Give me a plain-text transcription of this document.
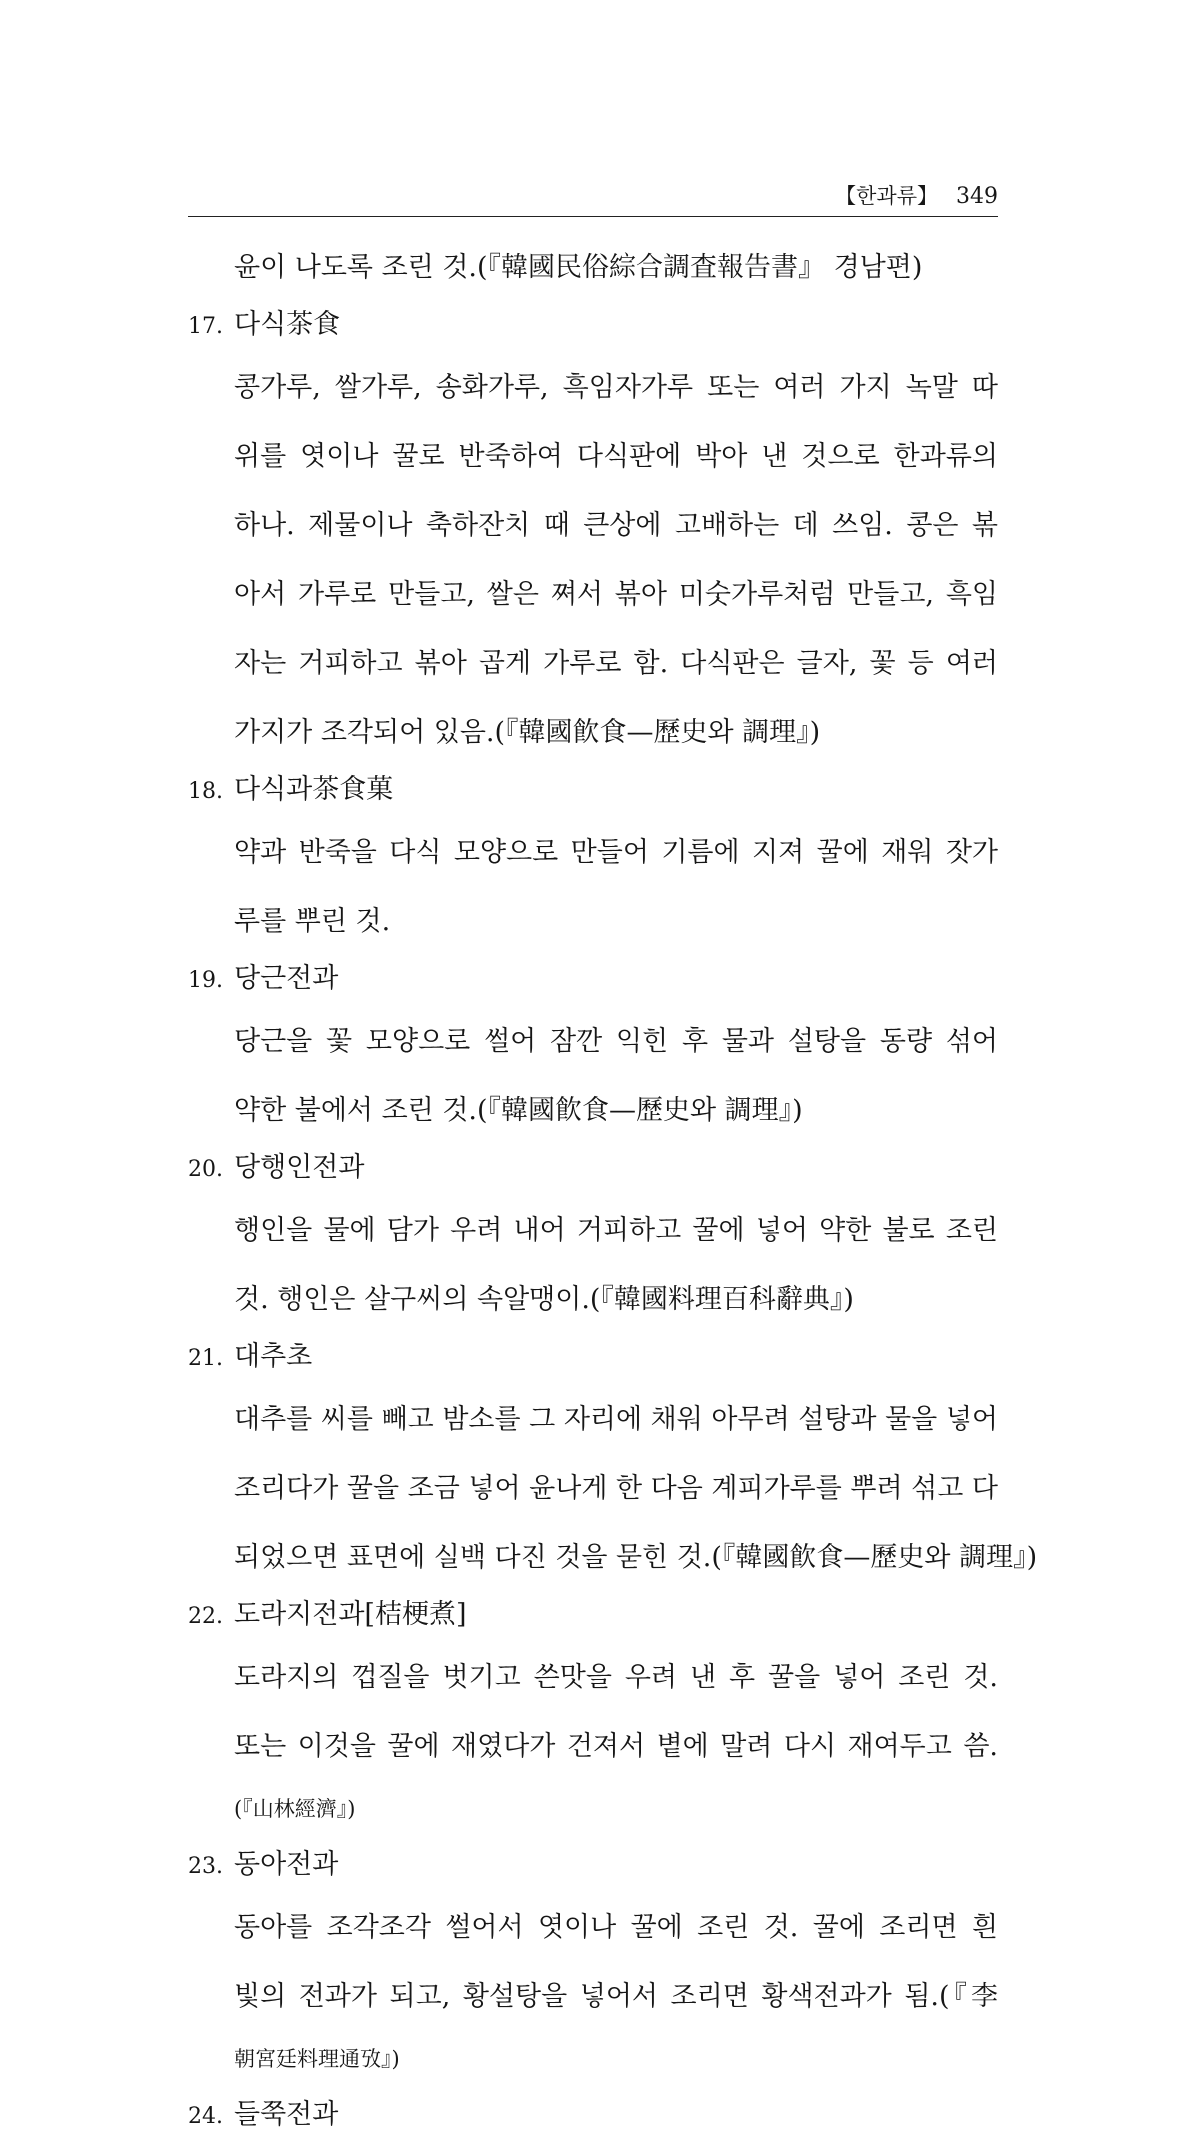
【한과류】 349
윤이 나도록 조린 것.(『韓國民俗綜合調査報告書』 경남편)
17. 다식茶食
콩가루, 쌀가루, 송화가루, 흑임자가루 또는 여러 가지 녹말 따
위를 엿이나 꿀로 반죽하여 다식판에 박아 낸 것으로 한과류의
하나. 제물이나 축하잔치 때 큰상에 고배하는 데 쓰임. 콩은 볶
아서 가루로 만들고, 쌀은 쪄서 볶아 미숫가루처럼 만들고, 흑임
자는 거피하고 볶아 곱게 가루로 함. 다식판은 글자, 꽃 등 여러
가지가 조각되어 있음.(『韓國飮食—歷史와 調理』)
18. 다식과茶食菓
약과 반죽을 다식 모양으로 만들어 기름에 지져 꿀에 재워 잣가
루를 뿌린 것.
19. 당근전과
당근을 꽃 모양으로 썰어 잠깐 익힌 후 물과 설탕을 동량 섞어
약한 불에서 조린 것.(『韓國飮食—歷史와 調理』)
20. 당행인전과
행인을 물에 담가 우려 내어 거피하고 꿀에 넣어 약한 불로 조린
것. 행인은 살구씨의 속알맹이.(『韓國料理百科辭典』)
21. 대추초
대추를 씨를 빼고 밤소를 그 자리에 채워 아무려 설탕과 물을 넣어
조리다가 꿀을 조금 넣어 윤나게 한 다음 계피가루를 뿌려 섞고 다
되었으면 표면에 실백 다진 것을 묻힌 것.(『韓國飮食—歷史와 調理』)
22. 도라지전과[桔梗煮]
도라지의 껍질을 벗기고 쓴맛을 우려 낸 후 꿀을 넣어 조린 것.
또는 이것을 꿀에 재였다가 건져서 볕에 말려 다시 재여두고 씀.
(『山林經濟』)
23. 동아전과
동아를 조각조각 썰어서 엿이나 꿀에 조린 것. 꿀에 조리면 흰
빛의 전과가 되고, 황설탕을 넣어서 조리면 황색전과가 됨.(『李
朝宮廷料理通攷』)
24. 들쭉전과
